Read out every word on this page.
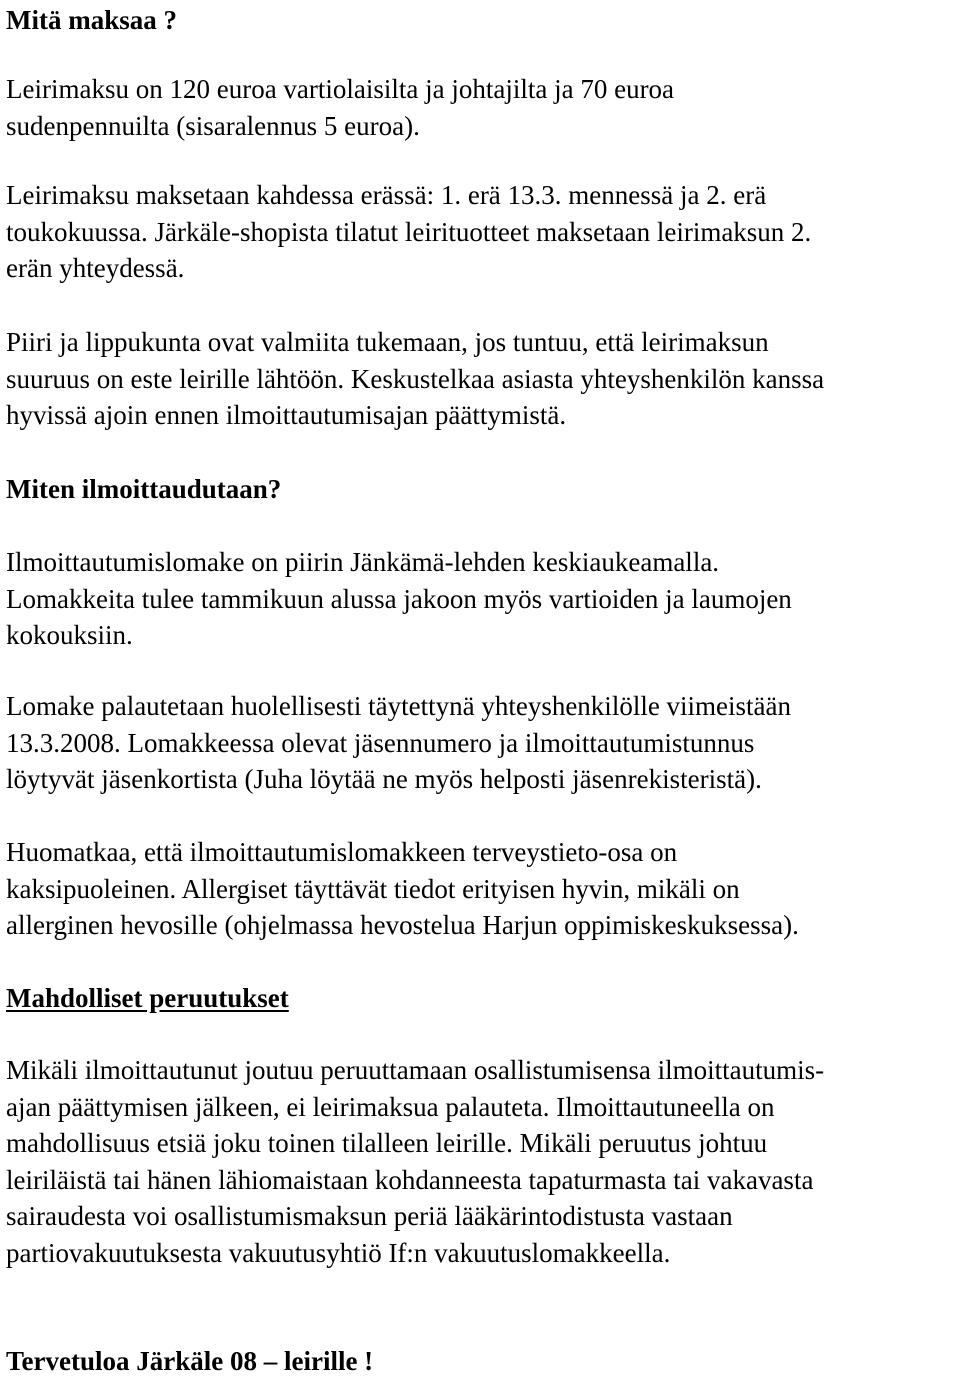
Mitä maksaa ?

Leirimaksu on 120 euroa vartiolaisilta ja johtajilta ja 70 euroa
sudenpennuilta (sisaralennus 5 euroa).

Leirimaksu maksetaan kahdessa erässä: 1. erä 13.3. mennessä ja 2. erä
toukokuussa. Järkäle-shopista tilatut leirituotteet maksetaan leirimaksun 2.
erän yhteydessä.

Piiri ja lippukunta ovat valmiita tukemaan, jos tuntuu, että leirimaksun
suuruus on este leirille lähtöön. Keskustelkaa asiasta yhteyshenkilön kanssa
hyvissä ajoin ennen ilmoittautumisajan päättymistä.

Miten ilmoittaudutaan?

Ilmoittautumislomake on piirin Jänkämä-lehden keskiaukeamalla.
Lomakkeita tulee tammikuun alussa jakoon myös vartioiden ja laumojen
kokouksiin.

Lomake palautetaan huolellisesti täytettynä yhteyshenkilölle viimeistään
13.3.2008. Lomakkeessa olevat jäsennumero ja ilmoittautumistunnus
löytyvät jäsenkortista (Juha löytää ne myös helposti jäsenrekisteristä).

Huomatkaa, että ilmoittautumislomakkeen terveystieto-osa on
kaksipuoleinen. Allergiset täyttävät tiedot erityisen hyvin, mikäli on
allerginen hevosille (ohjelmassa hevostelua Harjun oppimiskeskuksessa).

Mahdolliset peruutukset

Mikäli ilmoittautunut joutuu peruuttamaan osallistumisensa ilmoittautumis-
ajan päättymisen jälkeen, ei leirimaksua palauteta. Ilmoittautuneella on
mahdollisuus etsiä joku toinen tilalleen leirille. Mikäli peruutus johtuu
leiriläistä tai hänen lähiomaistaan kohdanneesta tapaturmasta tai vakavasta
sairaudesta voi osallistumismaksun periä lääkärintodistusta vastaan
partiovakuutuksesta vakuutusyhtiö If:n vakuutuslomakkeella.

Tervetuloa Järkäle 08 – leirille !
